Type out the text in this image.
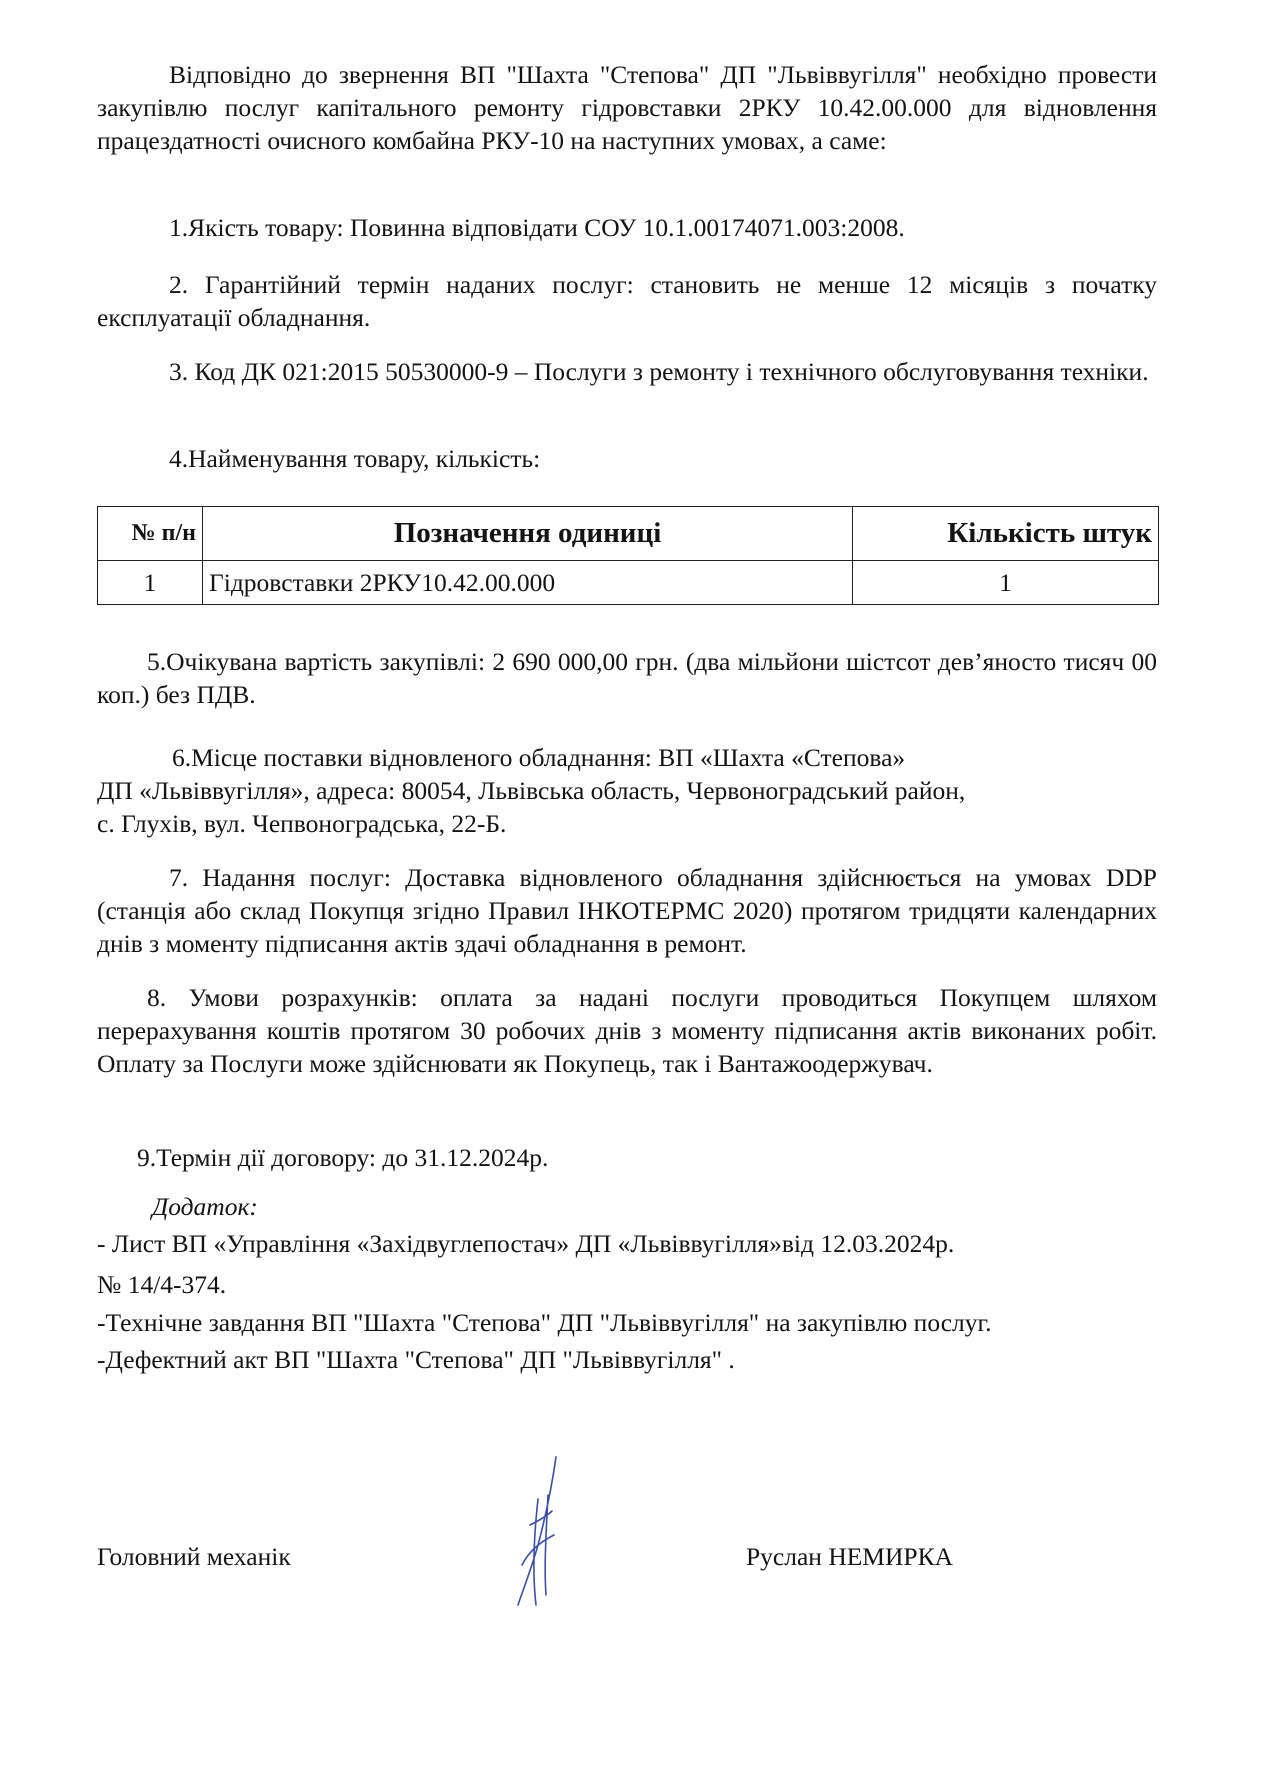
Відповідно до звернення ВП "Шахта "Степова" ДП "Львіввугілля" необхідно провести закупівлю послуг капітального ремонту гідровставки 2РКУ 10.42.00.000 для відновлення працездатності очисного комбайна РКУ-10 на наступних умовах, а саме:

1.Якість товару: Повинна відповідати СОУ 10.1.00174071.003:2008.

2. Гарантійний термін наданих послуг: становить не менше 12 місяців з початку експлуатації обладнання.

3. Код ДК 021:2015 50530000-9 – Послуги з ремонту і технічного обслуговування техніки.

4.Найменування товару, кількість:

№ п/н	Позначення одиниці	Кількість штук
1	Гідровставки 2РКУ10.42.00.000	1

5.Очікувана вартість закупівлі: 2 690 000,00 грн. (два мільйони шістсот дев’яносто тисяч 00 коп.) без ПДВ.

6.Місце поставки відновленого обладнання: ВП «Шахта «Степова»

ДП «Львіввугілля», адреса: 80054, Львівська область, Червоноградський район,

с. Глухів, вул. Чепвоноградська, 22-Б.

7. Надання послуг: Доставка відновленого обладнання здійснюється на умовах DDP (станція або склад Покупця згідно Правил ІНКОТЕРМС 2020) протягом тридцяти календарних днів з моменту підписання актів здачі обладнання в ремонт.

8. Умови розрахунків: оплата за надані послуги проводиться Покупцем шляхом перерахування коштів протягом 30 робочих днів з моменту підписання актів виконаних робіт. Оплату за Послуги може здійснювати як Покупець, так і Вантажоодержувач.

9.Термін дії договору: до 31.12.2024р.

Додаток:

- Лист ВП «Управління «Західвуглепостач» ДП «Львіввугілля»від 12.03.2024р.

№ 14/4-374.

-Технічне завдання ВП "Шахта "Степова" ДП "Львіввугілля" на закупівлю послуг.

-Дефектний акт ВП "Шахта "Степова" ДП "Львіввугілля" .

Головний механік	Руслан НЕМИРКА
